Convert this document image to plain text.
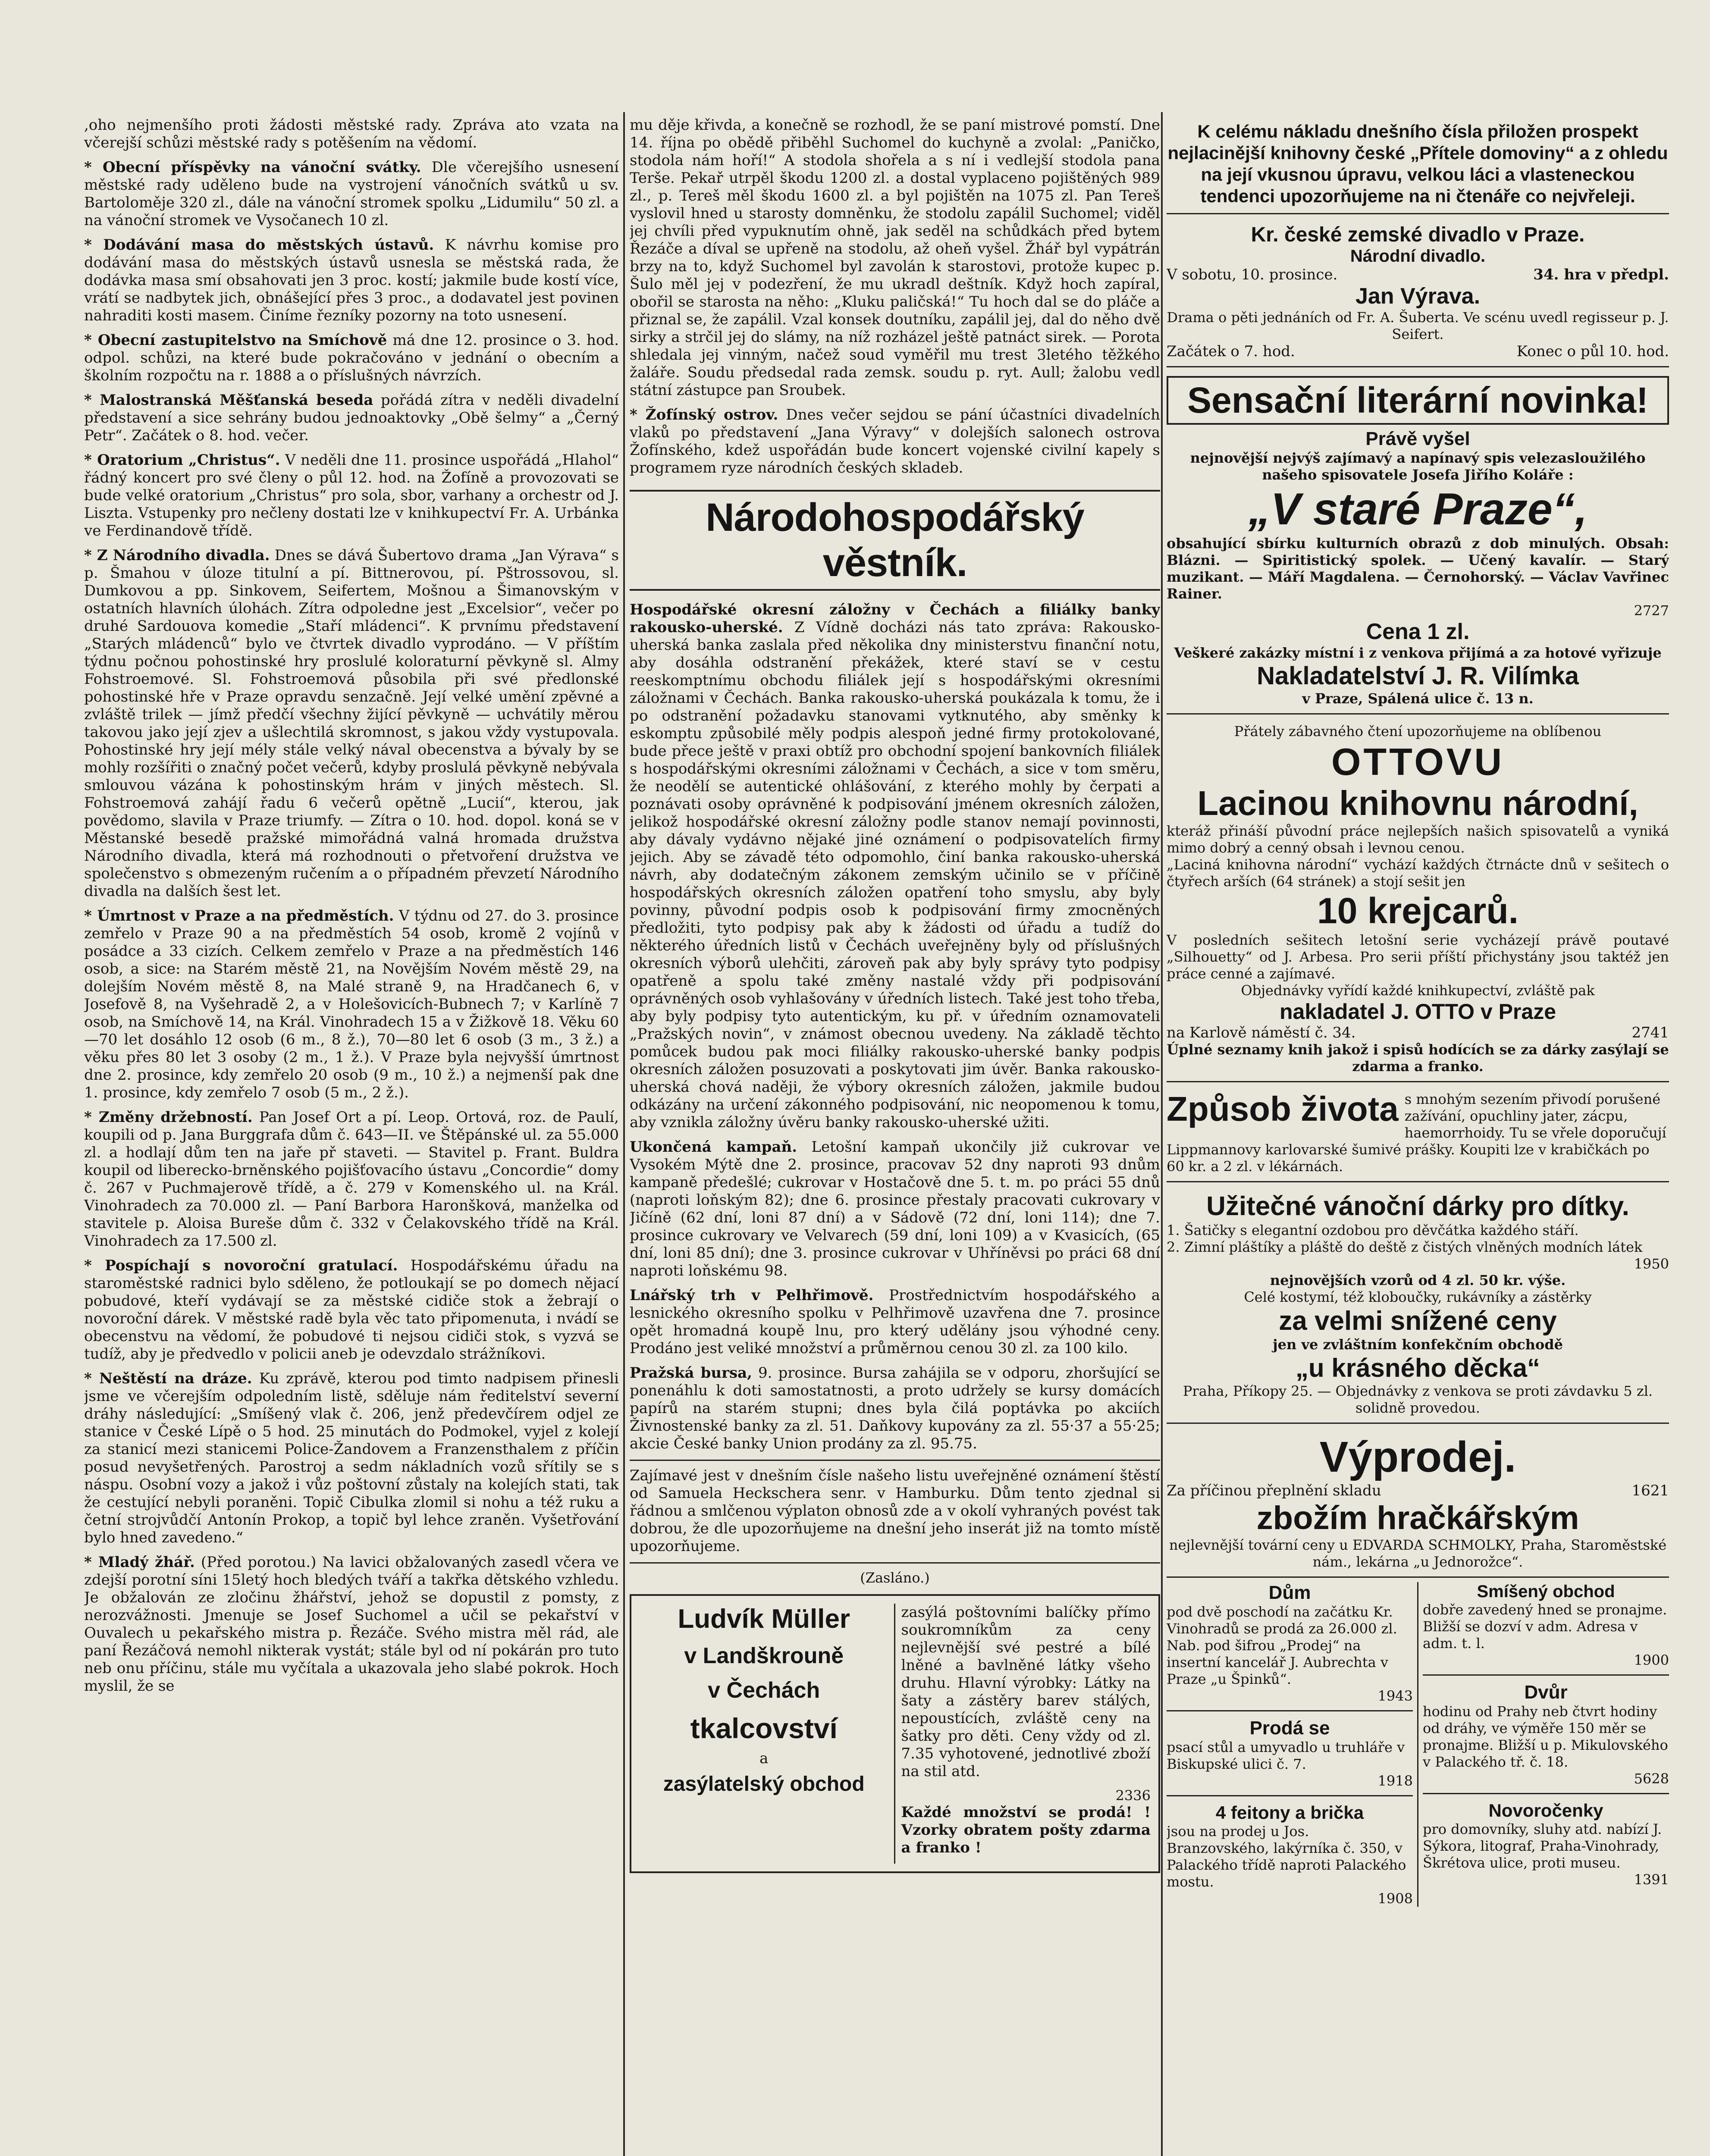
,oho nejmenšího proti žádosti městské rady. Zpráva ato vzata na včerejší schůzi městské rady s potěšením na vědomí.

* Obecní příspěvky na vánoční svátky. Dle včerejšího usnesení městské rady uděleno bude na vystrojení vánočních svátků u sv. Bartoloměje 320 zl., dále na vánoční stromek spolku „Lidumilu“ 50 zl. a na vánoční stromek ve Vysočanech 10 zl.

* Dodávání masa do městských ústavů. K návrhu komise pro dodávání masa do městských ústavů usnesla se městská rada, že dodávka masa smí obsahovati jen 3 proc. kostí; jakmile bude kostí více, vrátí se nadbytek jich, obnášející přes 3 proc., a dodavatel jest povinen nahraditi kosti masem. Činíme řezníky pozorny na toto usnesení.

* Obecní zastupitelstvo na Smíchově má dne 12. prosince o 3. hod. odpol. schůzi, na které bude pokračováno v jednání o obecním a školním rozpočtu na r. 1888 a o příslušných návrzích.

* Malostranská Měšťanská beseda pořádá zítra v neděli divadelní představení a sice sehrány budou jednoaktovky „Obě šelmy“ a „Černý Petr“. Začátek o 8. hod. večer.

* Oratorium „Christus“. V neděli dne 11. prosince uspořádá „Hlahol“ řádný koncert pro své členy o půl 12. hod. na Žofíně a provozovati se bude velké oratorium „Christus“ pro sola, sbor, varhany a orchestr od J. Liszta. Vstupenky pro nečleny dostati lze v knihkupectví Fr. A. Urbánka ve Ferdinandově třídě.

* Z Národního divadla. Dnes se dává Šubertovo drama „Jan Výrava“ s p. Šmahou v úloze titulní a pí. Bittnerovou, pí. Pštrossovou, sl. Dumkovou a pp. Sinkovem, Seifertem, Mošnou a Šimanovským v ostatních hlavních úlohách. Zítra odpoledne jest „Excelsior“, večer po druhé Sardouova komedie „Staří mládenci“. K prvnímu představení „Starých mládenců“ bylo ve čtvrtek divadlo vyprodáno. — V příštím týdnu počnou pohostinské hry proslulé koloraturní pěvkyně sl. Almy Fohstroemové. Sl. Fohstroemová působila při své předlonské pohostinské hře v Praze opravdu senzačně. Její velké umění zpěvné a zvláště trilek — jímž předčí všechny žijící pěvkyně — uchvátily měrou takovou jako její zjev a ušlechtilá skromnost, s jakou vždy vystupovala. Pohostinské hry její mély stále velký nával obecenstva a bývaly by se mohly rozšířiti o značný počet večerů, kdyby proslulá pěvkyně nebývala smlouvou vázána k pohostinským hrám v jiných městech. Sl. Fohstroemová zahájí řadu 6 večerů opětně „Lucií“, kterou, jak povědomo, slavila v Praze triumfy. — Zítra o 10. hod. dopol. koná se v Městanské besedě pražské mimořádná valná hromada družstva Národního divadla, která má rozhodnouti o přetvoření družstva ve společenstvo s obmezeným ručením a o případném převzetí Národního divadla na dalších šest let.

* Úmrtnost v Praze a na předměstích. V týdnu od 27. do 3. prosince zemřelo v Praze 90 a na předměstích 54 osob, kromě 2 vojínů v posádce a 33 cizích. Celkem zemřelo v Praze a na předměstích 146 osob, a sice: na Starém městě 21, na Novějším Novém městě 29, na dolejším Novém městě 8, na Malé straně 9, na Hradčanech 6, v Josefově 8, na Vyšehradě 2, a v Holešovicích-Bubnech 7; v Karlíně 7 osob, na Smíchově 14, na Král. Vinohradech 15 a v Žižkově 18. Věku 60—70 let dosáhlo 12 osob (6 m., 8 ž.), 70—80 let 6 osob (3 m., 3 ž.) a věku přes 80 let 3 osoby (2 m., 1 ž.). V Praze byla nejvyšší úmrtnost dne 2. prosince, kdy zemřelo 20 osob (9 m., 10 ž.) a nejmenší pak dne 1. prosince, kdy zemřelo 7 osob (5 m., 2 ž.).

* Změny držebností. Pan Josef Ort a pí. Leop. Ortová, roz. de Paulí, koupili od p. Jana Burggrafa dům č. 643—II. ve Štěpánské ul. za 55.000 zl. a hodlají dům ten na jaře př staveti. — Stavitel p. Frant. Buldra koupil od liberecko-brněnského pojišťovacího ústavu „Concordie“ domy č. 267 v Puchmajerově třídě, a č. 279 v Komenského ul. na Král. Vinohradech za 70.000 zl. — Paní Barbora Haronšková, manželka od stavitele p. Aloisa Bureše dům č. 332 v Čelakovského třídě na Král. Vinohradech za 17.500 zl.

* Pospíchají s novoroční gratulací. Hospodářskému úřadu na staroměstské radnici bylo sděleno, že potloukají se po domech nějací pobudové, kteří vydávají se za městské cidiče stok a žebrají o novoroční dárek. V městské radě byla věc tato připomenuta, i nvádí se obecenstvu na vědomí, že pobudové ti nejsou cidiči stok, s vyzvá se tudíž, aby je předvedlo v policii aneb je odevzdalo strážníkovi.

* Neštěstí na dráze. Ku zprávě, kterou pod timto nadpisem přinesli jsme ve včerejším odpoledním listě, sděluje nám ředitelství severní dráhy následující: „Smíšený vlak č. 206, jenž předevčírem odjel ze stanice v České Lípě o 5 hod. 25 minutách do Podmokel, vyjel z kolejí za stanicí mezi stanicemi Police-Žandovem a Franzensthalem z příčin posud nevyšetřených. Parostroj a sedm nákladních vozů sřítily se s náspu. Osobní vozy a jakož i vůz poštovní zůstaly na kolejích stati, tak že cestující nebyli poraněni. Topič Cibulka zlomil si nohu a též ruku a četní strojvůdčí Antonín Prokop, a topič byl lehce zraněn. Vyšetřování bylo hned zavedeno.“

* Mladý žhář. (Před porotou.) Na lavici obžalovaných zasedl včera ve zdejší porotní síni 15letý hoch bledých tváří a takřka dětského vzhledu. Je obžalován ze zločinu žhářství, jehož se dopustil z pomsty, z nerozvážnosti. Jmenuje se Josef Suchomel a učil se pekařství v Ouvalech u pekařského mistra p. Řezáče. Svého mistra měl rád, ale paní Řezáčová nemohl nikterak vystát; stále byl od ní pokárán pro tuto neb onu příčinu, stále mu vyčítala a ukazovala jeho slabé pokrok. Hoch myslil, že se

mu děje křivda, a konečně se rozhodl, že se paní mistrové pomstí. Dne 14. října po obědě přiběhl Suchomel do kuchyně a zvolal: „Paničko, stodola nám hoří!“ A stodola shořela a s ní i vedlejší stodola pana Terše. Pekař utrpěl škodu 1200 zl. a dostal vyplaceno pojištěných 989 zl., p. Tereš měl škodu 1600 zl. a byl pojištěn na 1075 zl. Pan Tereš vyslovil hned u starosty domněnku, že stodolu zapálil Suchomel; viděl jej chvíli před vypuknutím ohně, jak seděl na schůdkách před bytem Řezáče a díval se upřeně na stodolu, až oheň vyšel. Žhář byl vypátrán brzy na to, když Suchomel byl zavolán k starostovi, protože kupec p. Šulo měl jej v podezření, že mu ukradl deštník. Když hoch zapíral, obořil se starosta na něho: „Kluku paličská!“ Tu hoch dal se do pláče a přiznal se, že zapálil. Vzal konsek doutníku, zapálil jej, dal do něho dvě sirky a strčil jej do slámy, na níž rozházel ještě patnáct sirek. — Porota shledala jej vinným, načež soud vyměřil mu trest 3letého těžkého žaláře. Soudu předsedal rada zemsk. soudu p. ryt. Aull; žalobu vedl státní zástupce pan Sroubek.

* Žofínský ostrov. Dnes večer sejdou se pání účastníci divadelních vlaků po představení „Jana Výravy“ v dolejších salonech ostrova Žofínského, kdež uspořádán bude koncert vojenské civilní kapely s programem ryze národních českých skladeb.

Národohospodářský věstník.

Hospodářské okresní záložny v Čechách a filiálky banky rakousko-uherské. Z Vídně docházi nás tato zpráva: Rakousko-uherská banka zaslala před několika dny ministerstvu finanční notu, aby dosáhla odstranění překážek, které staví se v cestu reeskomptnímu obchodu filiálek její s hospodářskými okresními záložnami v Čechách. Banka rakousko-uherská poukázala k tomu, že i po odstranění požadavku stanovami vytknutého, aby směnky k eskomptu způsobilé měly podpis alespoň jedné firmy protokolované, bude přece ještě v praxi obtíž pro obchodní spojení bankovních filiálek s hospodářskými okresními záložnami v Čechách, a sice v tom směru, že neodělí se autentické ohlášování, z kterého mohly by čerpati a poznávati osoby oprávněné k podpisování jménem okresních záložen, jelikož hospodářské okresní záložny podle stanov nemají povinnosti, aby dávaly vydávno nějaké jiné oznámení o podpisovatelích firmy jejich. Aby se závadě této odpomohlo, činí banka rakousko-uherská návrh, aby dodatečným zákonem zemským učinilo se v příčině hospodářských okresních záložen opatření toho smyslu, aby byly povinny, původní podpis osob k podpisování firmy zmocněných předložiti, tyto podpisy pak aby k žádosti od úřadu a tudíž do některého úředních listů v Čechách uveřejněny byly od příslušných okresních výborů ulehčiti, zároveň pak aby byly správy tyto podpisy opatřeně a spolu také změny nastalé vždy při podpisování oprávněných osob vyhlašovány v úředních listech. Také jest toho třeba, aby byly podpisy tyto autentickým, ku př. v úředním oznamovateli „Pražských novin“, v známost obecnou uvedeny. Na základě těchto pomůcek budou pak moci filiálky rakousko-uherské banky podpis okresních záložen posuzovati a poskytovati jim úvěr. Banka rakousko-uherská chová naději, že výbory okresních záložen, jakmile budou odkázány na určení zákonného podpisování, nic neopomenou k tomu, aby vznikla záložny úvěru banky rakousko-uherské užiti.

Ukončená kampaň. Letošní kampaň ukončily již cukrovar ve Vysokém Mýtě dne 2. prosince, pracovav 52 dny naproti 93 dnům kampaně předešlé; cukrovar v Hostačově dne 5. t. m. po práci 55 dnů (naproti loňským 82); dne 6. prosince přestaly pracovati cukrovary v Jičíně (62 dní, loni 87 dní) a v Sádově (72 dní, loni 114); dne 7. prosince cukrovary ve Velvarech (59 dní, loni 109) a v Kvasicích, (65 dní, loni 85 dní); dne 3. prosince cukrovar v Uhříněvsi po práci 68 dní naproti loňskému 98.

Lnářský trh v Pelhřimově. Prostřednictvím hospodářského a lesnického okresního spolku v Pelhřimově uzavřena dne 7. prosince opět hromadná koupě lnu, pro který udělány jsou výhodné ceny. Prodáno jest veliké množství a průměrnou cenou 30 zl. za 100 kilo.

Pražská bursa, 9. prosince. Bursa zahájila se v odporu, zhoršující se ponenáhlu k doti samostatnosti, a proto udržely se kursy domácích papírů na starém stupni; dnes byla čilá poptávka po akciích Živnostenské banky za zl. 51. Daňkovy kupovány za zl. 55·37 a 55·25; akcie České banky Union prodány za zl. 95.75.

Zajímavé jest v dnešním čísle našeho listu uveřejněné oznámení štěstí od Samuela Heckschera senr. v Hamburku. Dům tento zjednal si řádnou a smlčenou výplaton obnosů zde a v okolí vyhraných povést tak dobrou, že dle upozorňujeme na dnešní jeho inserát již na tomto místě upozorňujeme.

(Zasláno.)
Ludvík Müller
v Landškrouně
v Čechách
tkalcovství
a
zasýlatelský obchod

zasýlá poštovními balíčky přímo soukromníkům za ceny nejlevnější své pestré a bílé lněné a bavlněné látky všeho druhu. Hlavní výrobky: Látky na šaty a zástěry barev stálých, nepoustících, zvláště ceny na šatky pro děti. Ceny vždy od zl. 7.35 vyhotovené, jednotlivé zboží na stil atd.

2336

Každé množství se prodá! ! Vzorky obratem pošty zdarma a franko !

K celému nákladu dnešního čísla přiložen prospekt nejlacinější knihovny české „Přítele domoviny“ a z ohledu na její vkusnou úpravu, velkou láci a vlasteneckou tendenci upozorňujeme na ni čtenáře co nejvřeleji.
Kr. české zemské divadlo v Praze.
Národní divadlo.
V sobotu, 10. prosince.	34. hra v předpl.
Jan Výrava.
Drama o pěti jednáních od Fr. A. Šuberta. Ve scénu uvedl regisseur p. J. Seifert.
Začátek o 7. hod.	Konec o půl 10. hod.
Sensační literární novinka!
Právě vyšel
nejnovější nejvýš zajímavý a napínavý spis velezasloužilého našeho spisovatele Josefa Jiřího Koláře :
„V staré Praze“,
obsahující sbírku kulturních obrazů z dob minulých. Obsah: Blázni. — Spiritistický spolek. — Učený kavalír. — Starý muzikant. — Máří Magdalena. — Černohorský. — Václav Vavřinec Rainer.
2727
Cena 1 zl.
Veškeré zakázky místní i z venkova přijímá a za hotové vyřizuje
Nakladatelství J. R. Vilímka
v Praze, Spálená ulice č. 13 n.
Přátely zábavného čtení upozorňujeme na oblíbenou
OTTOVU
Lacinou knihovnu národní,
kteráž přináší původní práce nejlepších našich spisovatelů a vyniká mimo dobrý a cenný obsah i levnou cenou.
„Laciná knihovna národní“ vychází každých čtrnácte dnů v sešitech o čtyřech arších (64 stránek) a stojí sešit jen
10 krejcarů.
V posledních sešitech letošní serie vycházejí právě poutavé „Silhouetty“ od J. Arbesa. Pro serii příští přichystány jsou taktéž jen práce cenné a zajímavé.
Objednávky vyřídí každé knihkupectví, zvláště pak
nakladatel J. OTTO v Praze
na Karlově náměstí č. 34.	2741
Úplné seznamy knih jakož i spisů hodících se za dárky zasýlají se zdarma a franko.
Způsob života s mnohým sezením přivodí porušené zažívání, opuchliny jater, zácpu, haemorrhoidy. Tu se vřele doporučují Lippmannovy karlovarské šumivé prášky. Koupiti lze v krabičkách po 60 kr. a 2 zl. v lékárnách.
Užitečné vánoční dárky pro dítky.
1. Šatičky s elegantní ozdobou pro děvčátka každého stáří.
2. Zimní pláštíky a pláště do deště z čistých vlněných modních látek
1950
nejnovějších vzorů od 4 zl. 50 kr. výše.
Celé kostymí, též kloboučky, rukávníky a zástěrky
za velmi snížené ceny
jen ve zvláštním konfekčním obchodě
„u krásného děcka“
Praha, Příkopy 25. — Objednávky z venkova se proti závdavku 5 zl. solidně provedou.
Výprodej.
Za příčinou přeplnění skladu	1621
zbožím hračkářským
nejlevnější tovární ceny u EDVARDA SCHMOLKY, Praha, Staroměstské nám., lekárna „u Jednorožce“.
Dům
pod dvě poschodí na začátku Kr. Vinohradů se prodá za 26.000 zl. Nab. pod šifrou „Prodej“ na insertní kancelář J. Aubrechta v Praze „u Špinků“.
1943
Prodá se
psací stůl a umyvadlo u truhláře v Biskupské ulici č. 7.
1918
4 feitony a brička
jsou na prodej u Jos. Branzovského, lakýrníka č. 350, v Palackého třídě naproti Palackého mostu.
1908
Smíšený obchod
dobře zavedený hned se pronajme. Bližší se dozví v adm. Adresa v adm. t. l.
1900
Dvůr
hodinu od Prahy neb čtvrt hodiny od dráhy, ve výměře 150 měr se pronajme. Bližší u p. Mikulovského v Palackého tř. č. 18.
5628
Novoročenky
pro domovníky, sluhy atd. nabízí J. Sýkora, litograf, Praha-Vinohrady, Škrétova ulice, proti museu.
1391
